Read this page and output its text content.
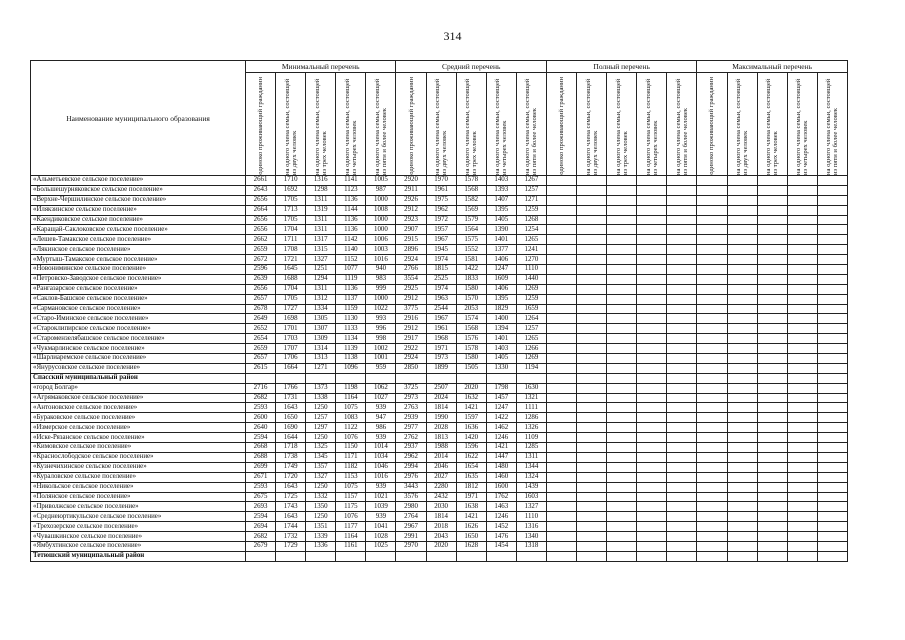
314
Наименование муниципального образования	Минимальный перечень					Средний перечень					Полный перечень					Максимальный перечень				

	одиноко проживающий гражданин	на одного члена семьи, состоящей из двух человек	на одного члена семьи, состоящей из трех человек	на одного члена семьи, состоящей из четырех человек	на одного члена семьи, состоящей из пяти и более человек	одиноко проживающий гражданин	на одного члена семьи, состоящей из двух человек	на одного члена семьи, состоящей из трех человек	на одного члена семьи, состоящей из четырех человек	на одного члена семьи, состоящей из пяти и более человек	одиноко проживающий гражданин	на одного члена семьи, состоящей из двух человек	на одного члена семьи, состоящей из трех человек	на одного члена семьи, состоящей из четырех человек	на одного члена семьи, состоящей из пяти и более человек	одиноко проживающий гражданин	на одного члена семьи, состоящей из двух человек	на одного члена семьи, состоящей из трех человек	на одного члена семьи, состоящей из четырех человек	на одного члена семьи, состоящей из пяти и более человек

«Альметьевское сельское поселение»	2661	1710	1316	1141	1005	2920	1970	1578	1403	1267										
«Большешурняковское сельское поселение»	2643	1692	1298	1123	987	2911	1961	1568	1393	1257										
«Верхне-Чершилинское сельское поселение»	2656	1705	1311	1136	1000	2926	1975	1582	1407	1271										
«Илякзинское сельское поселение»	2664	1713	1319	1144	1008	2912	1962	1569	1395	1259										
«Каендиковское сельское поселение»	2656	1705	1311	1136	1000	2923	1972	1579	1405	1268										
«Каращай-Саклоковское сельское поселение»	2656	1704	1311	1136	1000	2907	1957	1564	1390	1254										
«Лешев-Тамакское сельское поселение»	2662	1711	1317	1142	1006	2915	1967	1575	1401	1265										
«Лякинское сельское поселение»	2659	1708	1315	1140	1003	2896	1945	1552	1377	1241										
«Муртыш-Тамакское сельское поселение»	2672	1721	1327	1152	1016	2924	1974	1581	1406	1270										
«Новониминское сельское поселение»	2596	1645	1251	1077	940	2766	1815	1422	1247	1110										
«Петровско-Заводское сельское поселение»	2639	1688	1294	1119	983	3554	2525	1833	1609	1440										
«Рангазарское сельское поселение»	2656	1704	1311	1136	999	2925	1974	1580	1406	1269										
«Саклов-Башское сельское поселение»	2657	1705	1312	1137	1000	2912	1963	1570	1395	1259										
«Сармановское сельское поселение»	2678	1727	1334	1159	1022	3775	2544	2053	1829	1659										
«Старо-Иминское сельское поселение»	2649	1698	1305	1130	993	2916	1967	1574	1400	1264										
«Староклипирское сельское поселение»	2652	1701	1307	1133	996	2912	1961	1568	1394	1257										
«Старомензелябашское сельское поселение»	2654	1703	1309	1134	998	2917	1968	1576	1401	1265										
«Чукмарлинское сельское поселение»	2659	1707	1314	1139	1002	2922	1971	1578	1403	1266										
«Шарлиаремское сельское поселение»	2657	1706	1313	1138	1001	2924	1973	1580	1405	1269										
«Янурусовское сельское поселение»	2615	1664	1271	1096	959	2850	1899	1505	1330	1194										
Спасский муниципальный район																				
«город Болгар»	2716	1766	1373	1198	1062	3725	2507	2020	1798	1630										
«Агрямаковское сельское поселение»	2682	1731	1338	1164	1027	2973	2024	1632	1457	1321										
«Антоновское сельское поселение»	2593	1643	1250	1075	939	2763	1814	1421	1247	1111										
«Бураковское сельское поселение»	2600	1650	1257	1083	947	2939	1990	1597	1422	1286										
«Измерское сельское поселение»	2640	1690	1297	1122	986	2977	2028	1636	1462	1326										
«Иске-Рязанское сельское поселение»	2594	1644	1250	1076	939	2762	1813	1420	1246	1109										
«Кимовское сельское поселение»	2668	1718	1325	1150	1014	2937	1988	1596	1421	1285										
«Краснослободское сельское поселение»	2688	1738	1345	1171	1034	2962	2014	1622	1447	1311										
«Кузнечихинское сельское поселение»	2699	1749	1357	1182	1046	2994	2046	1654	1480	1344										
«Кураловское сельское поселение»	2671	1720	1327	1153	1016	2976	2027	1635	1460	1324										
«Никольское сельское поселение»	2593	1643	1250	1075	939	3443	2280	1812	1600	1439										
«Полянское сельское поселение»	2675	1725	1332	1157	1021	3576	2432	1971	1762	1603										
«Приволжское сельское поселение»	2693	1743	1350	1175	1039	2980	2030	1638	1463	1327										
«Среднеюртикульское сельское поселение»	2594	1643	1250	1076	939	2764	1814	1421	1246	1110										
«Трехозерское сельское поселение»	2694	1744	1351	1177	1041	2967	2018	1626	1452	1316										
«Чувашкинское сельское поселение»	2682	1732	1339	1164	1028	2991	2043	1650	1476	1340										
«Ямбухтинское сельское поселение»	2679	1729	1336	1161	1025	2970	2020	1628	1454	1318										
Тетюшский муниципальный район																				
